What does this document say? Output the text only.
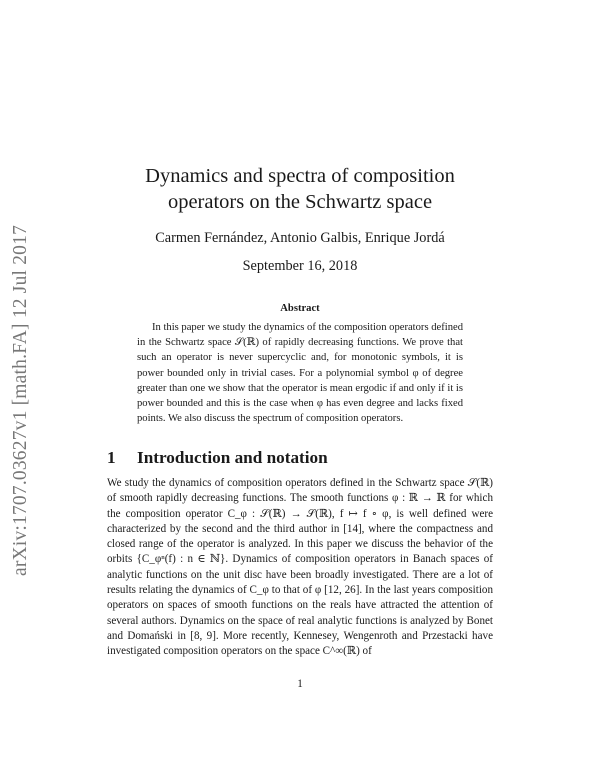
arXiv:1707.03627v1 [math.FA] 12 Jul 2017
Dynamics and spectra of composition
operators on the Schwartz space
Carmen Fernández, Antonio Galbis, Enrique Jordá
September 16, 2018
Abstract

In this paper we study the dynamics of the composition operators defined in the Schwartz space 𝒮(ℝ) of rapidly decreasing functions. We prove that such an operator is never supercyclic and, for monotonic symbols, it is power bounded only in trivial cases. For a polynomial symbol φ of degree greater than one we show that the operator is mean ergodic if and only if it is power bounded and this is the case when φ has even degree and lacks fixed points. We also discuss the spectrum of composition operators.

1 Introduction and notation

We study the dynamics of composition operators defined in the Schwartz space 𝒮(ℝ) of smooth rapidly decreasing functions. The smooth functions φ : ℝ → ℝ for which the composition operator C_φ : 𝒮(ℝ) → 𝒮(ℝ), f ↦ f ∘ φ, is well defined were characterized by the second and the third author in [14], where the compactness and closed range of the operator is analyzed. In this paper we discuss the behavior of the orbits {C_φⁿ(f) : n ∈ ℕ}. Dynamics of composition operators in Banach spaces of analytic functions on the unit disc have been broadly investigated. There are a lot of results relating the dynamics of C_φ to that of φ [12, 26]. In the last years composition operators on spaces of smooth functions on the reals have attracted the attention of several authors. Dynamics on the space of real analytic functions is analyzed by Bonet and Domański in [8, 9]. More recently, Kennesey, Wengenroth and Przestacki have investigated composition operators on the space C^∞(ℝ) of

1
